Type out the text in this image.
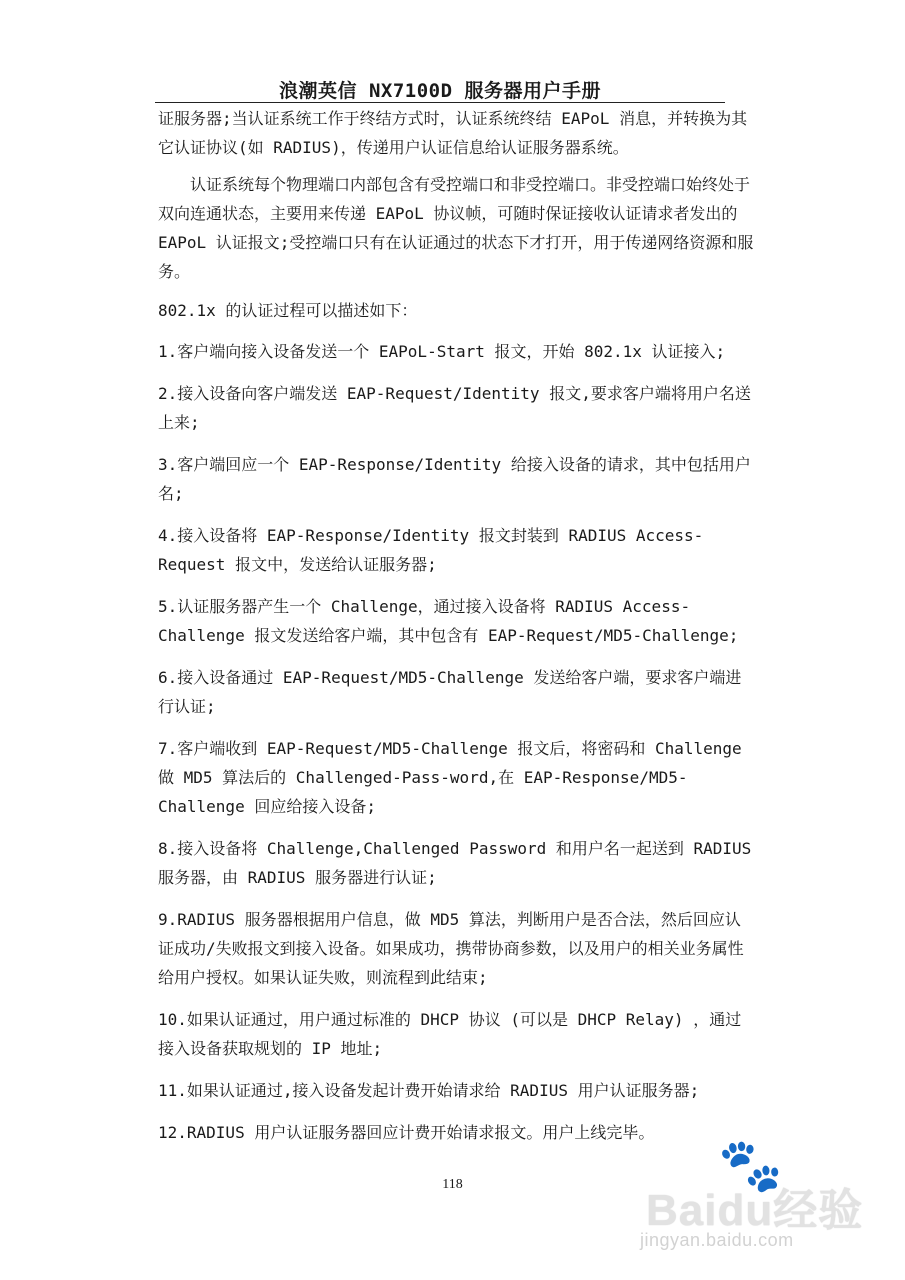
浪潮英信 NX7100D 服务器用户手册

证服务器;当认证系统工作于终结方式时，认证系统终结 EAPoL 消息，并转换为其它认证协议(如 RADIUS)，传递用户认证信息给认证服务器系统。

认证系统每个物理端口内部包含有受控端口和非受控端口。非受控端口始终处于双向连通状态，主要用来传递 EAPoL 协议帧，可随时保证接收认证请求者发出的 EAPoL 认证报文;受控端口只有在认证通过的状态下才打开，用于传递网络资源和服务。

802.1x 的认证过程可以描述如下：

1.客户端向接入设备发送一个 EAPoL-Start 报文，开始 802.1x 认证接入;

2.接入设备向客户端发送 EAP-Request/Identity 报文,要求客户端将用户名送上来;

3.客户端回应一个 EAP-Response/Identity 给接入设备的请求，其中包括用户名;

4.接入设备将 EAP-Response/Identity 报文封装到 RADIUS Access-Request 报文中，发送给认证服务器;

5.认证服务器产生一个 Challenge，通过接入设备将 RADIUS Access-Challenge 报文发送给客户端，其中包含有 EAP-Request/MD5-Challenge;

6.接入设备通过 EAP-Request/MD5-Challenge 发送给客户端，要求客户端进行认证;

7.客户端收到 EAP-Request/MD5-Challenge 报文后，将密码和 Challenge 做 MD5 算法后的 Challenged-Pass-word,在 EAP-Response/MD5-Challenge 回应给接入设备;

8.接入设备将 Challenge,Challenged Password 和用户名一起送到 RADIUS 服务器，由 RADIUS 服务器进行认证;

9.RADIUS 服务器根据用户信息，做 MD5 算法，判断用户是否合法，然后回应认证成功/失败报文到接入设备。如果成功，携带协商参数，以及用户的相关业务属性给用户授权。如果认证失败，则流程到此结束;

10.如果认证通过，用户通过标准的 DHCP 协议 (可以是 DHCP Relay) ，通过接入设备获取规划的 IP 地址;

11.如果认证通过,接入设备发起计费开始请求给 RADIUS 用户认证服务器;

12.RADIUS 用户认证服务器回应计费开始请求报文。用户上线完毕。

118	🐾
Baidu经验
jingyan.baidu.com
